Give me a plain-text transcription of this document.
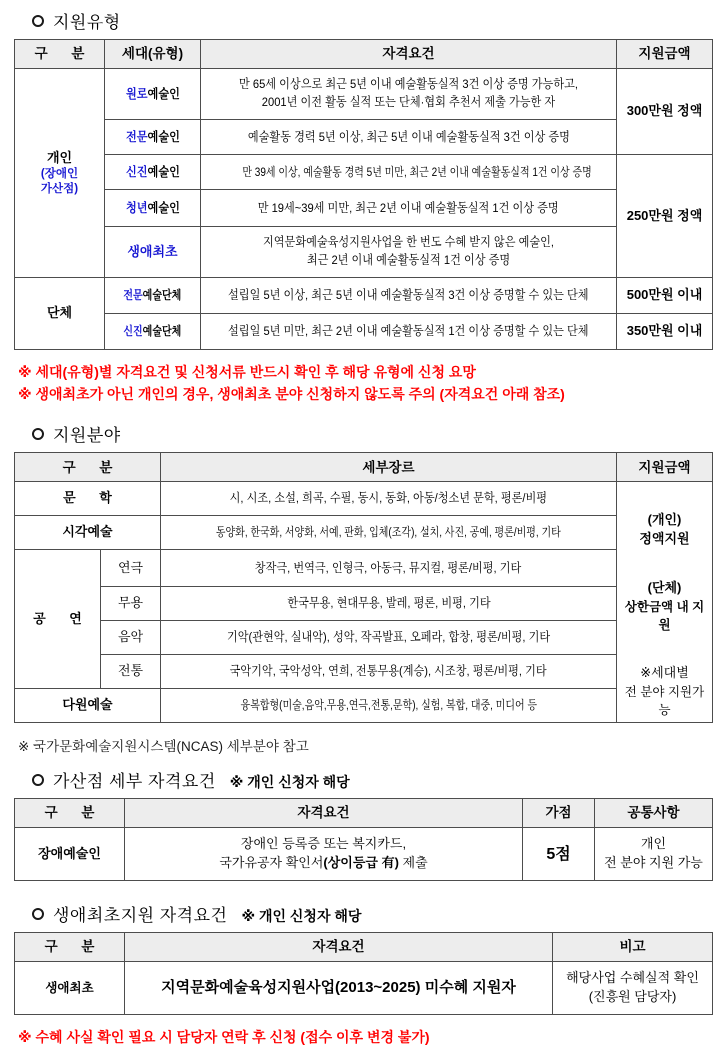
지원유형
구 분	세대(유형)	자격요건	지원금액
개인
(장애인
가산점)	원로예술인	만 65세 이상으로 최근 5년 이내 예술활동실적 3건 이상 증명 가능하고,
2001년 이전 활동 실적 또는 단체·협회 추천서 제출 가능한 자	300만원 정액
	전문예술인	예술활동 경력 5년 이상, 최근 5년 이내 예술활동실적 3건 이상 증명	
	신진예술인	만 39세 이상, 예술활동 경력 5년 미만, 최근 2년 이내 예술활동실적 1건 이상 증명	250만원 정액
	청년예술인	만 19세~39세 미만, 최근 2년 이내 예술활동실적 1건 이상 증명	
	생애최초	지역문화예술육성지원사업을 한 번도 수혜 받지 않은 예술인,
최근 2년 이내 예술활동실적 1건 이상 증명	

단체	전문예술단체	설립일 5년 이상, 최근 5년 이내 예술활동실적 3건 이상 증명할 수 있는 단체	500만원 이내
	신진예술단체	설립일 5년 미만, 최근 2년 이내 예술활동실적 1건 이상 증명할 수 있는 단체	350만원 이내
※ 세대(유형)별 자격요건 및 신청서류 반드시 확인 후 해당 유형에 신청 요망
※ 생애최초가 아닌 개인의 경우, 생애최초 분야 신청하지 않도록 주의 (자격요건 아래 참조)
지원분야
구 분		세부장르	지원금액
문 학	시, 시조, 소설, 희곡, 수필, 동시, 동화, 아동/청소년 문학, 평론/비평	
(개인)
정액지원
(단체)
상한금액 내 지원
※세대별
전 분야 지원가능

시각예술		동양화, 한국화, 서양화, 서예, 판화, 입체(조각), 설치, 사진, 공예, 평론/비평, 기타	
공 연	연극	창작극, 번역극, 인형극, 아동극, 뮤지컬, 평론/비평, 기타	
	무용	한국무용, 현대무용, 발레, 평론, 비평, 기타	
	음악	기악(관현악, 실내악), 성악, 작곡발표, 오페라, 합창, 평론/비평, 기타	
	전통	국악기악, 국악성악, 연희, 전통무용(계승), 시조창, 평론/비평, 기타	
다원예술		융복합형(미술,음악,무용,연극,전통,문학), 실험, 복합, 대중, 미디어 등	
※ 국가문화예술지원시스템(NCAS) 세부분야 참고
가산점 세부 자격요건 ※ 개인 신청자 해당
구 분	자격요건	가점	공통사항
장애예술인	장애인 등록증 또는 복지카드,
국가유공자 확인서(상이등급 有) 제출	5점	개인
전 분야 지원 가능
생애최초지원 자격요건 ※ 개인 신청자 해당
구 분	자격요건	비고
생애최초	지역문화예술육성지원사업(2013~2025) 미수혜 지원자	해당사업 수혜실적 확인
(진흥원 담당자)
※ 수혜 사실 확인 필요 시 담당자 연락 후 신청 (접수 이후 변경 불가)
